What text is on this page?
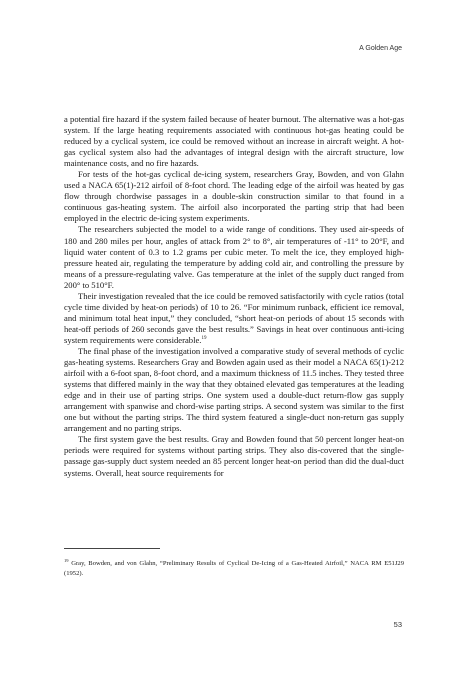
A Golden Age

a potential fire hazard if the system failed because of heater burnout. The alternative was a hot-gas system. If the large heating requirements associated with continuous hot-gas heating could be reduced by a cyclical system, ice could be removed without an increase in aircraft weight. A hot-gas cyclical system also had the advantages of integral design with the aircraft structure, low maintenance costs, and no fire hazards.

For tests of the hot-gas cyclical de-icing system, researchers Gray, Bowden, and von Glahn used a NACA 65(1)-212 airfoil of 8-foot chord. The leading edge of the airfoil was heated by gas flow through chordwise passages in a double-skin construction similar to that found in a continuous gas-heating system. The airfoil also incorporated the parting strip that had been employed in the electric de-icing system experiments.

The researchers subjected the model to a wide range of conditions. They used air-speeds of 180 and 280 miles per hour, angles of attack from 2° to 8°, air temperatures of -11° to 20°F, and liquid water content of 0.3 to 1.2 grams per cubic meter. To melt the ice, they employed high-pressure heated air, regulating the temperature by adding cold air, and controlling the pressure by means of a pressure-regulating valve. Gas temperature at the inlet of the supply duct ranged from 200° to 510°F.

Their investigation revealed that the ice could be removed satisfactorily with cycle ratios (total cycle time divided by heat-on periods) of 10 to 26. “For minimum runback, efficient ice removal, and minimum total heat input,” they concluded, “short heat-on periods of about 15 seconds with heat-off periods of 260 seconds gave the best results.” Savings in heat over continuous anti-icing system requirements were considerable.$^{19}$

The final phase of the investigation involved a comparative study of several methods of cyclic gas-heating systems. Researchers Gray and Bowden again used as their model a NACA 65(1)-212 airfoil with a 6-foot span, 8-foot chord, and a maximum thickness of 11.5 inches. They tested three systems that differed mainly in the way that they obtained elevated gas temperatures at the leading edge and in their use of parting strips. One system used a double-duct return-flow gas supply arrangement with spanwise and chord-wise parting strips. A second system was similar to the first one but without the parting strips. The third system featured a single-duct non-return gas supply arrangement and no parting strips.

The first system gave the best results. Gray and Bowden found that 50 percent longer heat-on periods were required for systems without parting strips. They also dis-covered that the single-passage gas-supply duct system needed an 85 percent longer heat-on period than did the dual-duct systems. Overall, heat source requirements for

$^{19}$ Gray, Bowden, and von Glahn, “Preliminary Results of Cyclical De-Icing of a Gas-Heated Airfoil,” NACA RM E51J29 (1952).
53
